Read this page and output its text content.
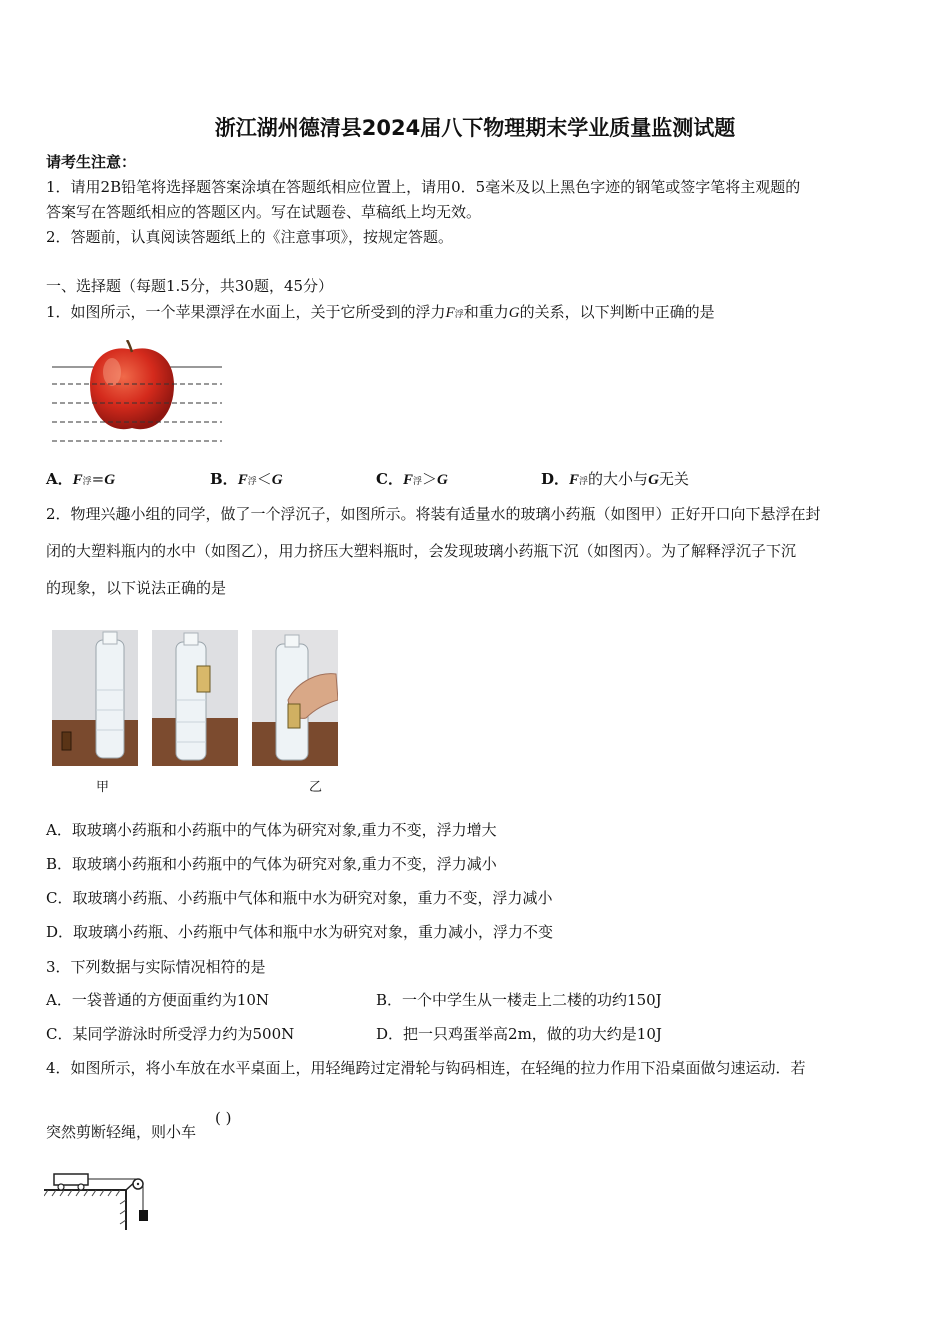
浙江湖州德清县2024届八下物理期末学业质量监测试题
请考生注意：
1．请用2B铅笔将选择题答案涂填在答题纸相应位置上，请用0．5毫米及以上黑色字迹的钢笔或签字笔将主观题的
答案写在答题纸相应的答题区内。写在试题卷、草稿纸上均无效。
2．答题前，认真阅读答题纸上的《注意事项》，按规定答题。
一、选择题（每题1.5分，共30题，45分）
1．如图所示，一个苹果漂浮在水面上，关于它所受到的浮力F浮和重力G的关系，以下判断中正确的是
A．F浮=G	B．F浮＜G	C．F浮＞G	D．F浮的大小与G无关
2．物理兴趣小组的同学，做了一个浮沉子，如图所示。将装有适量水的玻璃小药瓶（如图甲）正好开口向下悬浮在封
闭的大塑料瓶内的水中（如图乙），用力挤压大塑料瓶时，会发现玻璃小药瓶下沉（如图丙）。为了解释浮沉子下沉
的现象，以下说法正确的是
甲	乙
A．取玻璃小药瓶和小药瓶中的气体为研究对象,重力不变，浮力增大
B．取玻璃小药瓶和小药瓶中的气体为研究对象,重力不变，浮力减小
C．取玻璃小药瓶、小药瓶中气体和瓶中水为研究对象，重力不变，浮力减小
D．取玻璃小药瓶、小药瓶中气体和瓶中水为研究对象，重力减小，浮力不变
3．下列数据与实际情况相符的是
A．一袋普通的方便面重约为10N	B．一个中学生从一楼走上二楼的功约150J
C．某同学游泳时所受浮力约为500N	D．把一只鸡蛋举高2m，做的功大约是10J
4．如图所示，将小车放在水平桌面上，用轻绳跨过定滑轮与钩码相连，在轻绳的拉力作用下沿桌面做匀速运动．若
突然剪断轻绳，则小车
( )
